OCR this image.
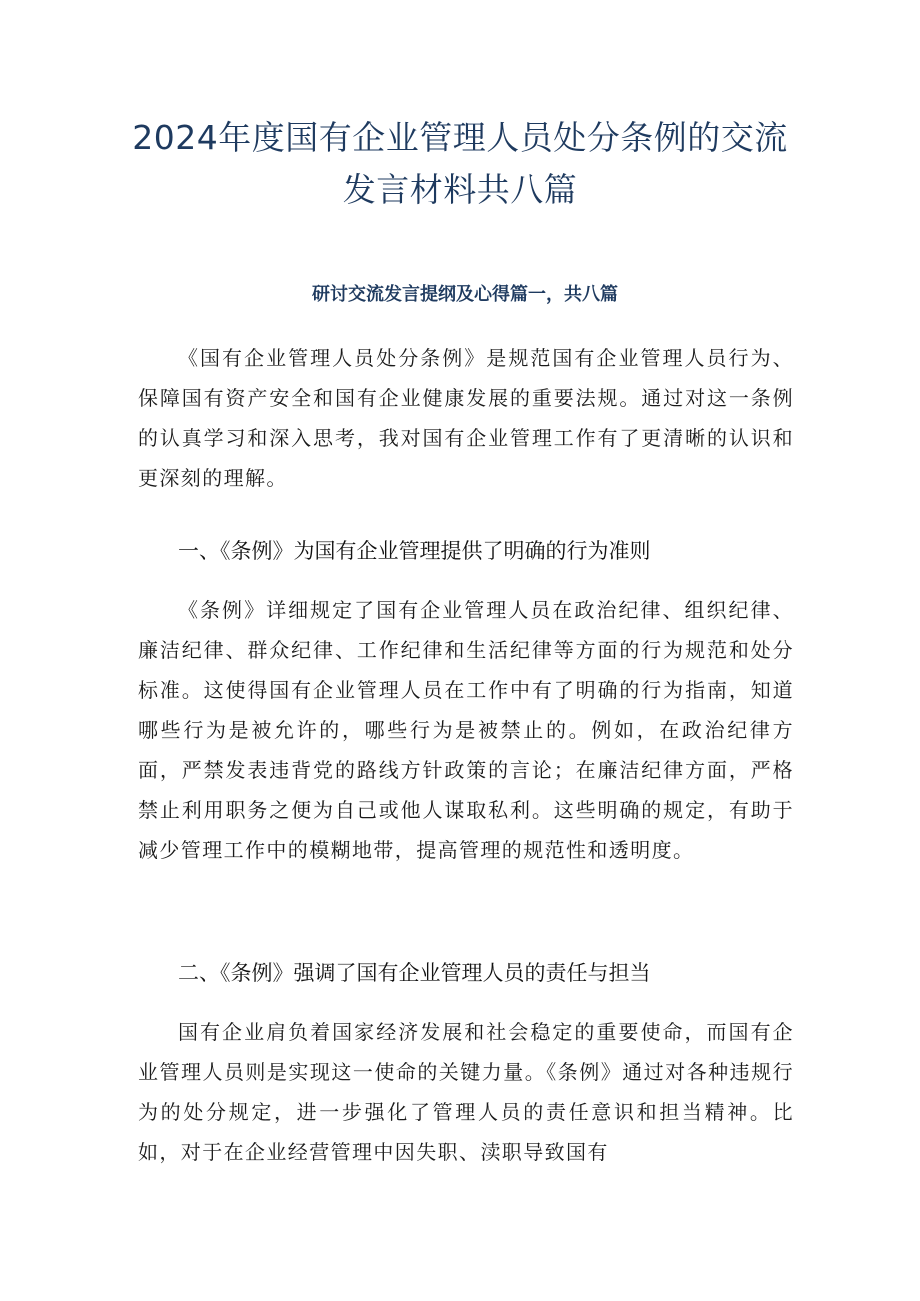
2024年度国有企业管理人员处分条例的交流发言材料共八篇

研讨交流发言提纲及心得篇一，共八篇

《国有企业管理人员处分条例》是规范国有企业管理人员行为、保障国有资产安全和国有企业健康发展的重要法规。通过对这一条例的认真学习和深入思考，我对国有企业管理工作有了更清晰的认识和更深刻的理解。

一、《条例》为国有企业管理提供了明确的行为准则

《条例》详细规定了国有企业管理人员在政治纪律、组织纪律、廉洁纪律、群众纪律、工作纪律和生活纪律等方面的行为规范和处分标准。这使得国有企业管理人员在工作中有了明确的行为指南，知道哪些行为是被允许的，哪些行为是被禁止的。例如，在政治纪律方面，严禁发表违背党的路线方针政策的言论；在廉洁纪律方面，严格禁止利用职务之便为自己或他人谋取私利。这些明确的规定，有助于减少管理工作中的模糊地带，提高管理的规范性和透明度。

二、《条例》强调了国有企业管理人员的责任与担当

国有企业肩负着国家经济发展和社会稳定的重要使命，而国有企业管理人员则是实现这一使命的关键力量。《条例》通过对各种违规行为的处分规定，进一步强化了管理人员的责任意识和担当精神。比如，对于在企业经营管理中因失职、渎职导致国有
